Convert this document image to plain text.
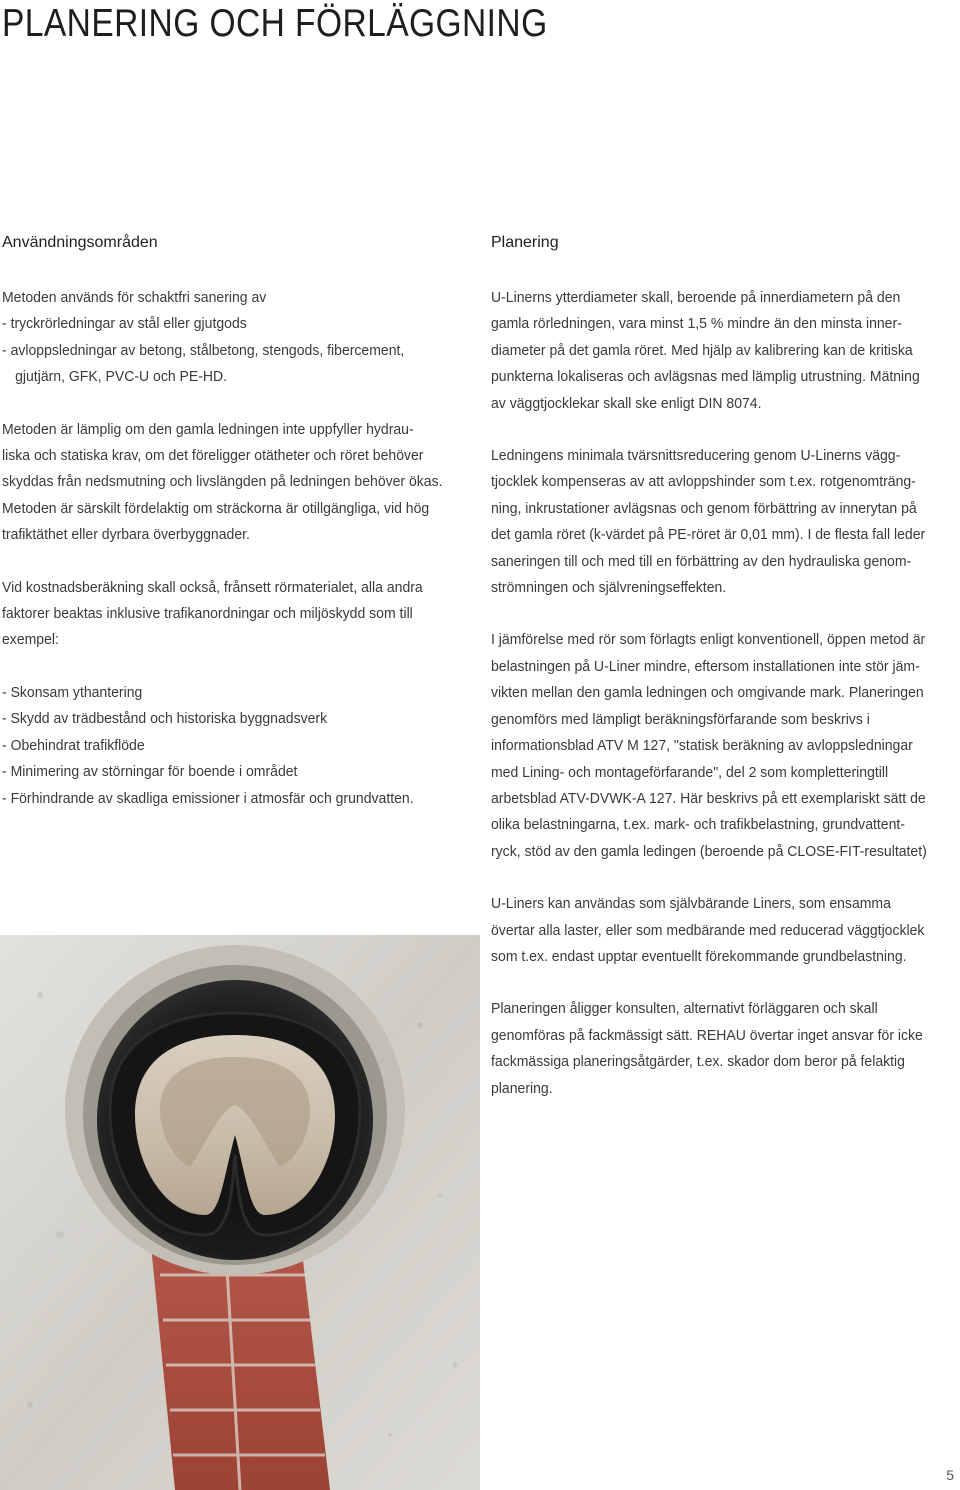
PLANERING OCH FÖRLÄGGNING
Användningsområden
Metoden används för schaktfri sanering av
- tryckrörledningar av stål eller gjutgods
- avloppsledningar av betong, stålbetong, stengods, fibercement,
gjutjärn, GFK, PVC-U och PE-HD.
Metoden är lämplig om den gamla ledningen inte uppfyller hydrau-
liska och statiska krav, om det föreligger otätheter och röret behöver
skyddas från nedsmutning och livslängden på ledningen behöver ökas.
Metoden är särskilt fördelaktig om sträckorna är otillgängliga, vid hög
trafiktäthet eller dyrbara överbyggnader.
Vid kostnadsberäkning skall också, frånsett rörmaterialet, alla andra
faktorer beaktas inklusive trafikanordningar och miljöskydd som till
exempel:
- Skonsam ythantering
- Skydd av trädbestånd och historiska byggnadsverk
- Obehindrat trafikflöde
- Minimering av störningar för boende i området
- Förhindrande av skadliga emissioner i atmosfär och grundvatten.
Planering
U-Linerns ytterdiameter skall, beroende på innerdiametern på den
gamla rörledningen, vara minst 1,5 % mindre än den minsta inner-
diameter på det gamla röret. Med hjälp av kalibrering kan de kritiska
punkterna lokaliseras och avlägsnas med lämplig utrustning. Mätning
av väggtjocklekar skall ske enligt DIN 8074.
Ledningens minimala tvärsnittsreducering genom U-Linerns vägg-
tjocklek kompenseras av att avloppshinder som t.ex. rotgenomträng-
ning, inkrustationer avlägsnas och genom förbättring av innerytan på
det gamla röret (k-värdet på PE-röret är 0,01 mm). I de flesta fall leder
saneringen till och med till en förbättring av den hydrauliska genom-
strömningen och självreningseffekten.
I jämförelse med rör som förlagts enligt konventionell, öppen metod är
belastningen på U-Liner mindre, eftersom installationen inte stör jäm-
vikten mellan den gamla ledningen och omgivande mark. Planeringen
genomförs med lämpligt beräkningsförfarande som beskrivs i
informationsblad ATV M 127, "statisk beräkning av avloppsledningar
med Lining- och montageförfarande", del 2 som kompletteringtill
arbetsblad ATV-DVWK-A 127. Här beskrivs på ett exemplariskt sätt de
olika belastningarna, t.ex. mark- och trafikbelastning, grundvattent-
ryck, stöd av den gamla ledingen (beroende på CLOSE-FIT-resultatet)
U-Liners kan användas som självbärande Liners, som ensamma
övertar alla laster, eller som medbärande med reducerad väggtjocklek
som t.ex. endast upptar eventuellt förekommande grundbelastning.
Planeringen åligger konsulten, alternativt förläggaren och skall
genomföras på fackmässigt sätt. REHAU övertar inget ansvar för icke
fackmässiga planeringsåtgärder, t.ex. skador dom beror på felaktig
planering.
5
